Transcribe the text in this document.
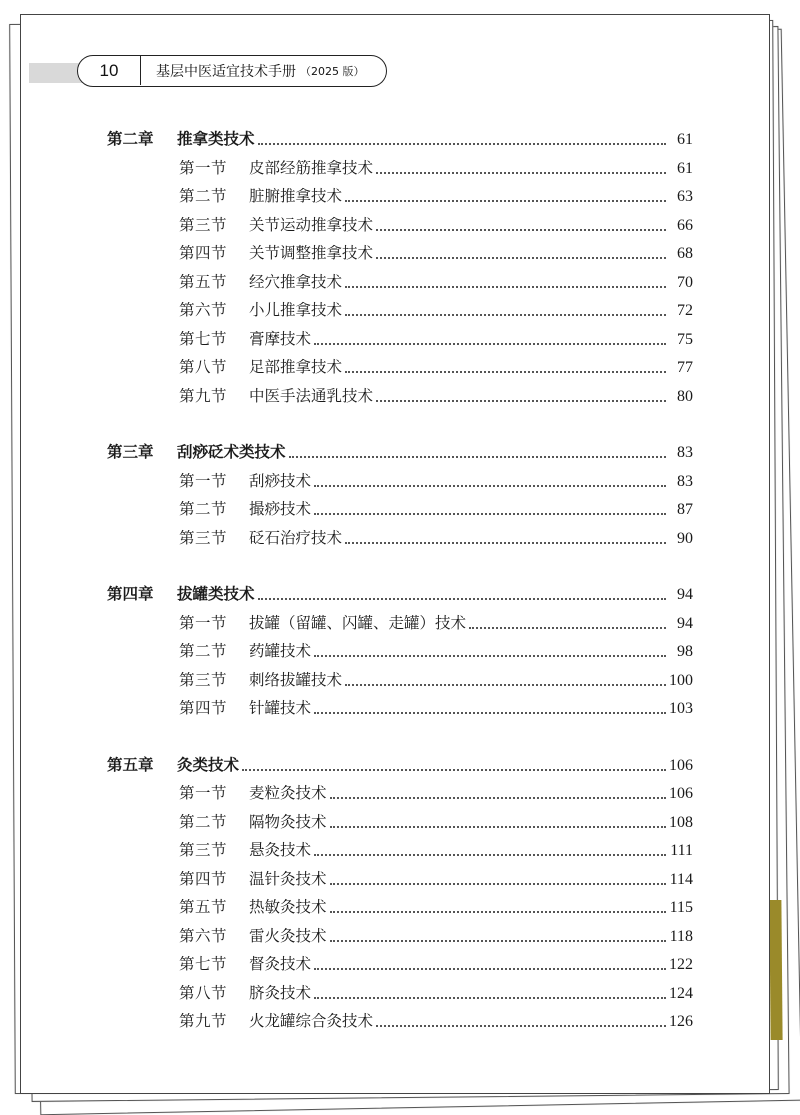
10	基层中医适宜技术手册 （2025 版）
第二章	推拿类技术	61
第一节	皮部经筋推拿技术	61
第二节	脏腑推拿技术	63
第三节	关节运动推拿技术	66
第四节	关节调整推拿技术	68
第五节	经穴推拿技术	70
第六节	小儿推拿技术	72
第七节	膏摩技术	75
第八节	足部推拿技术	77
第九节	中医手法通乳技术	80
第三章	刮痧砭术类技术	83
第一节	刮痧技术	83
第二节	撮痧技术	87
第三节	砭石治疗技术	90
第四章	拔罐类技术	94
第一节	拔罐（留罐、闪罐、走罐）技术	94
第二节	药罐技术	98
第三节	刺络拔罐技术	100
第四节	针罐技术	103
第五章	灸类技术	106
第一节	麦粒灸技术	106
第二节	隔物灸技术	108
第三节	悬灸技术	111
第四节	温针灸技术	114
第五节	热敏灸技术	115
第六节	雷火灸技术	118
第七节	督灸技术	122
第八节	脐灸技术	124
第九节	火龙罐综合灸技术	126
